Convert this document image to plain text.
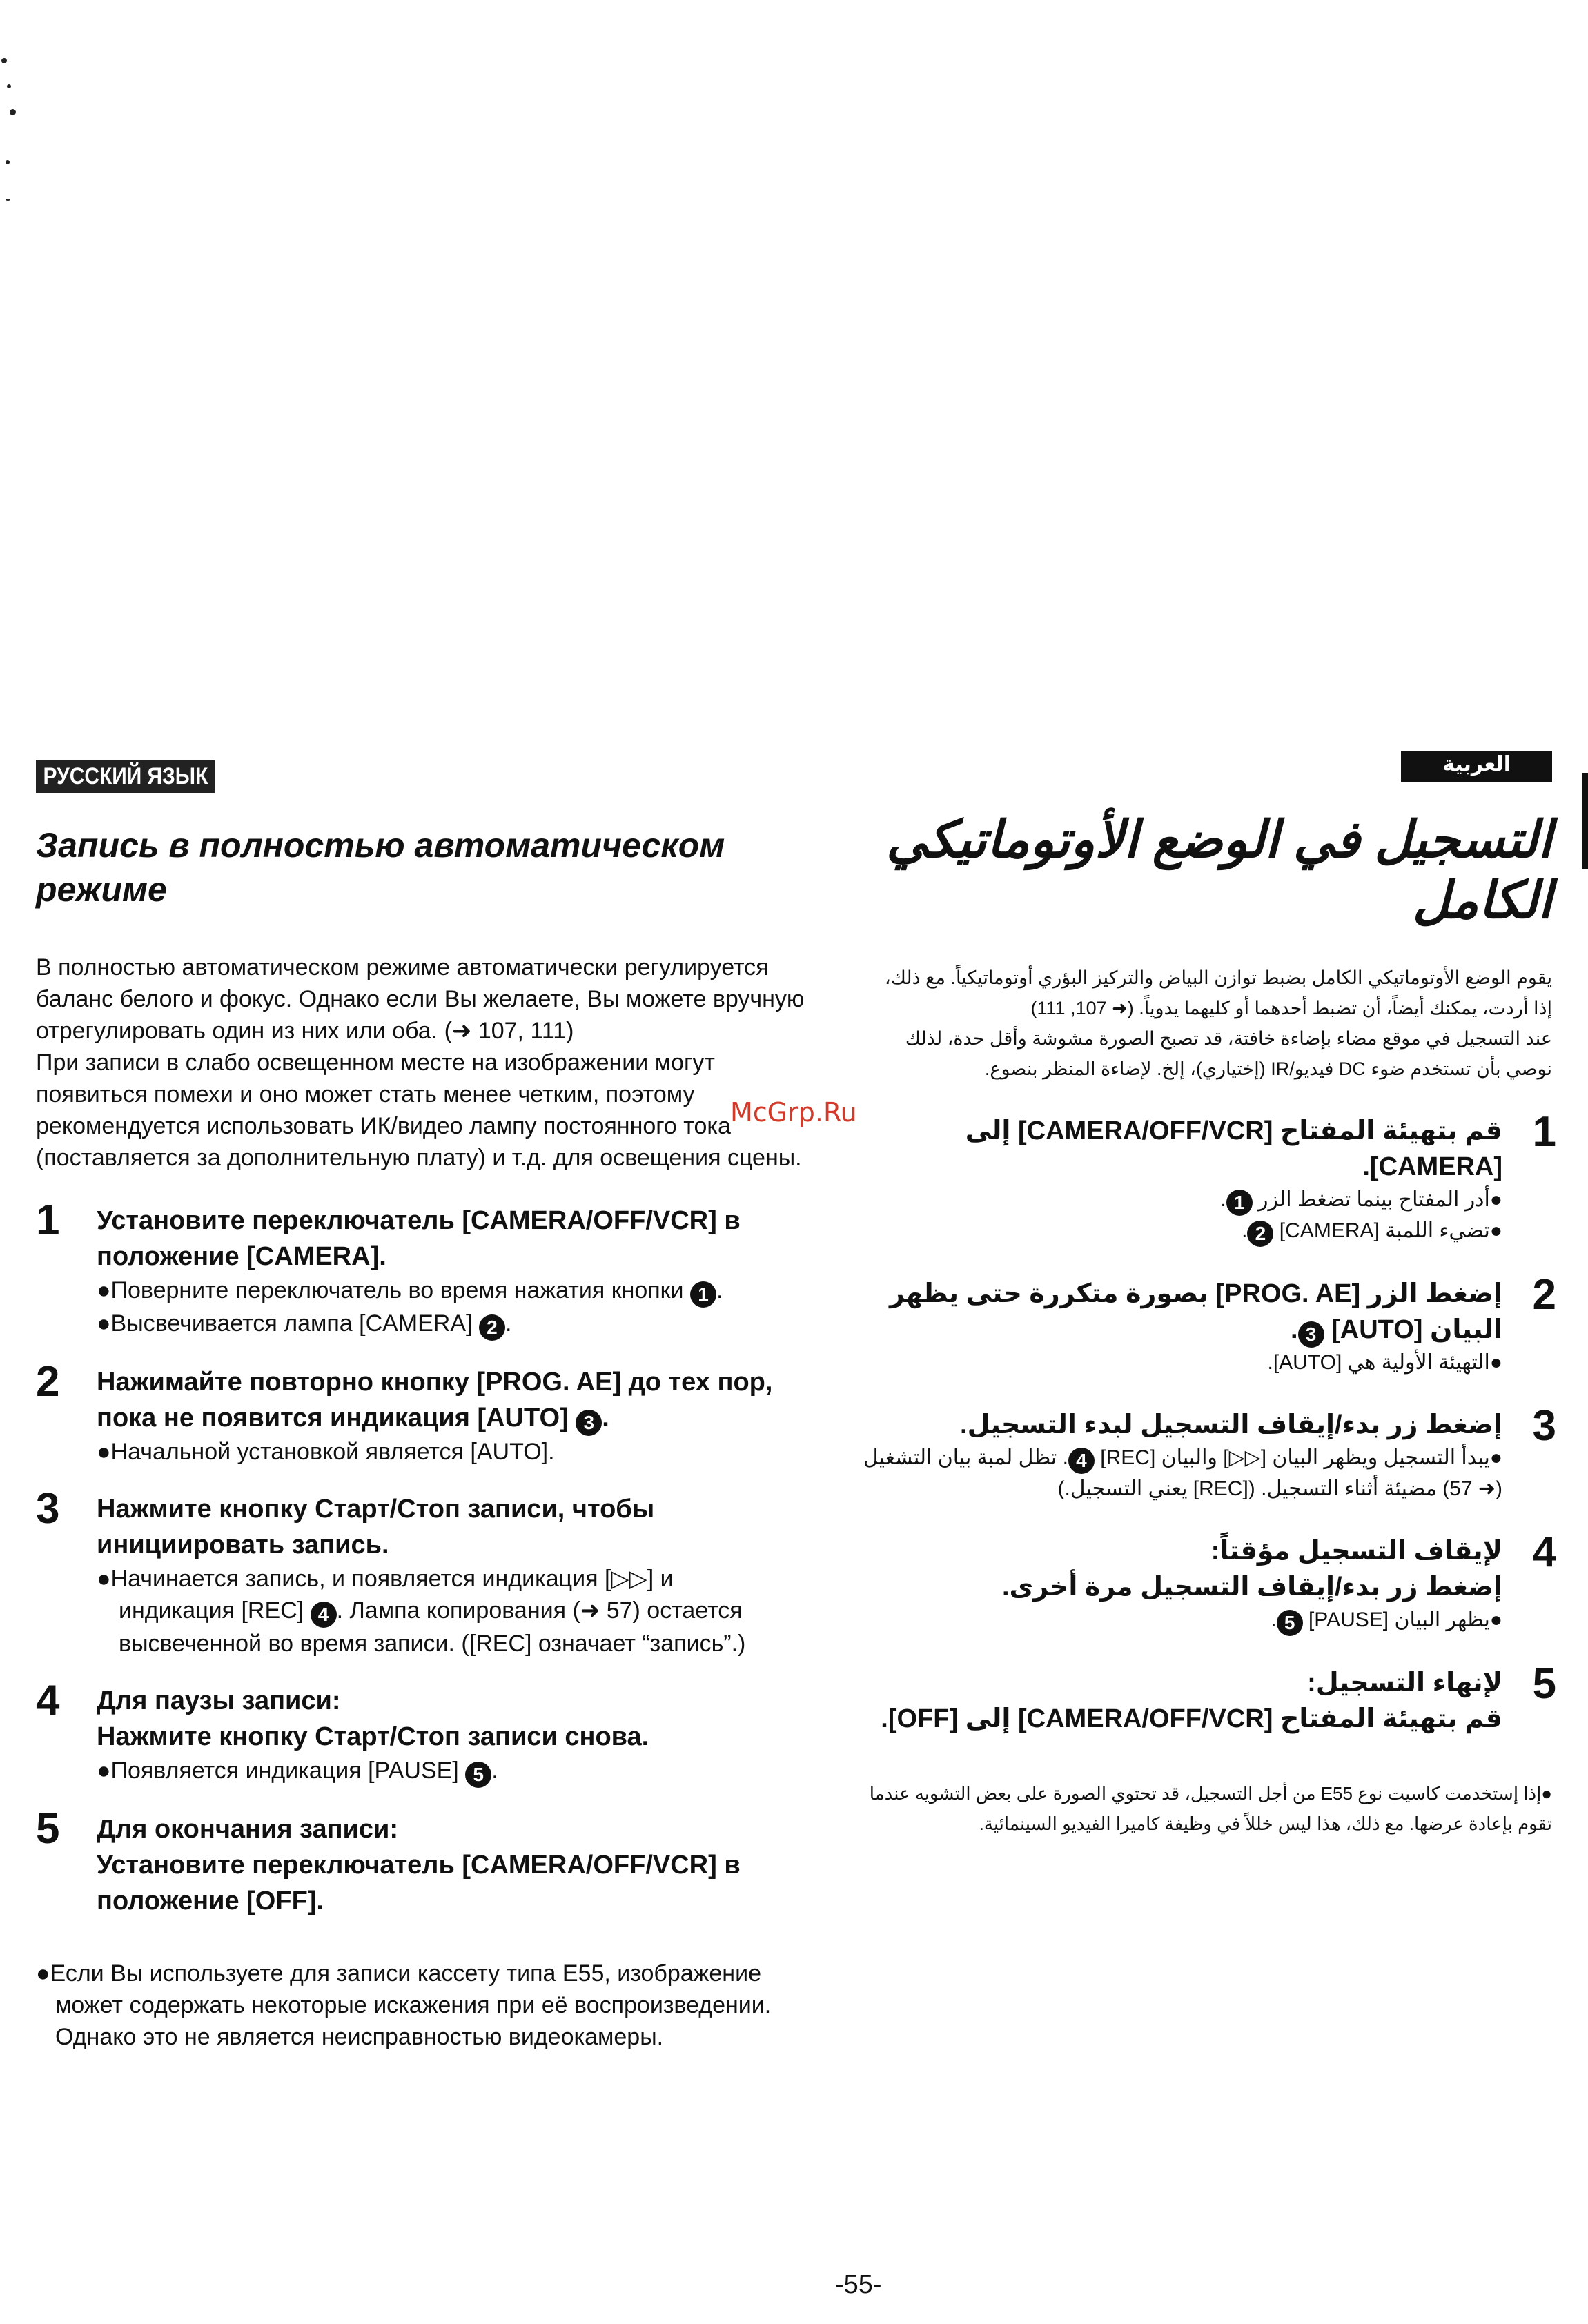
РУССКИЙ ЯЗЫК
Запись в полностью автоматическом режиме

В полностью автоматическом режиме автоматически регулируется баланс белого и фокус. Однако если Вы желаете, Вы можете вручную отрегулировать один из них или оба. (➜ 107, 111)

При записи в слабо освещенном месте на изображении могут появиться помехи и оно может стать менее четким, поэтому рекомендуется использовать ИК/видео лампу постоянного тока (поставляется за дополнительную плату) и т.д. для освещения сцены.

1 Установите переключатель [CAMERA/OFF/VCR] в положение [CAMERA].
●Поверните переключатель во время нажатия кнопки 1 .
●Высвечивается лампа [CAMERA] 2 .
2 Нажимайте повторно кнопку [PROG. AE] до тех пор, пока не появится индикация [AUTO] 3 .
●Начальной установкой является [AUTO].
3 Нажмите кнопку Старт/Стоп записи, чтобы инициировать запись.
●Начинается запись, и появляется индикация [▷▷] и
индикация [REC] 4 . Лампа копирования (➜ 57) остается высвеченной во время записи. ([REC] означает “запись”.)
4 Для паузы записи:

Нажмите кнопку Старт/Стоп записи снова.

●Появляется индикация [PAUSE] 5 .
5 Для окончания записи:

Установите переключатель [CAMERA/OFF/VCR] в положение [OFF].

●Если Вы используете для записи кассету типа E55, изображение может содержать некоторые искажения при её воспроизведении. Однако это не является неисправностью видеокамеры.
العربية
التسجيل في الوضع الأوتوماتيكي الكامل

يقوم الوضع الأوتوماتيكي الكامل بضبط توازن البياض والتركيز البؤري أوتوماتيكياً. مع ذلك، إذا أردت، يمكنك أيضاً، أن تضبط أحدهما أو كليهما يدوياً. (➜ 107, 111)

عند التسجيل في موقع مضاء بإضاءة خافتة، قد تصبح الصورة مشوشة وأقل حدة، لذلك نوصي بأن تستخدم ضوء DC فيديو/IR (إختياري)، إلخ. لإضاءة المنظر بنصوع.

1
قم بتهيئة المفتاح [CAMERA/OFF/VCR] إلى [CAMERA].
●أدر المفتاح بينما تضغط الزر 1.
●تضيء اللمبة [CAMERA] 2.
2
إضغط الزر [PROG. AE] بصورة متكررة حتى يظهر البيان [AUTO] 3.
●التهيئة الأولية هي [AUTO].
3
إضغط زر بدء/إيقاف التسجيل لبدء التسجيل.
●يبدأ التسجيل ويظهر البيان [▷▷] والبيان [REC] 4. تظل لمبة بيان التشغيل (➜ 57) مضيئة أثناء التسجيل. ([REC] يعني التسجيل.)
4

لإيقاف التسجيل مؤقتاً:

إضغط زر بدء/إيقاف التسجيل مرة أخرى.

●يظهر البيان [PAUSE] 5.
5

لإنهاء التسجيل:

قم بتهيئة المفتاح [CAMERA/OFF/VCR] إلى [OFF].

●إذا إستخدمت كاسيت نوع E55 من أجل التسجيل، قد تحتوي الصورة على بعض التشويه عندما تقوم بإعادة عرضها. مع ذلك، هذا ليس خللاً في وظيفة كاميرا الفيديو السينمائية.
McGrp.Ru
-55-
